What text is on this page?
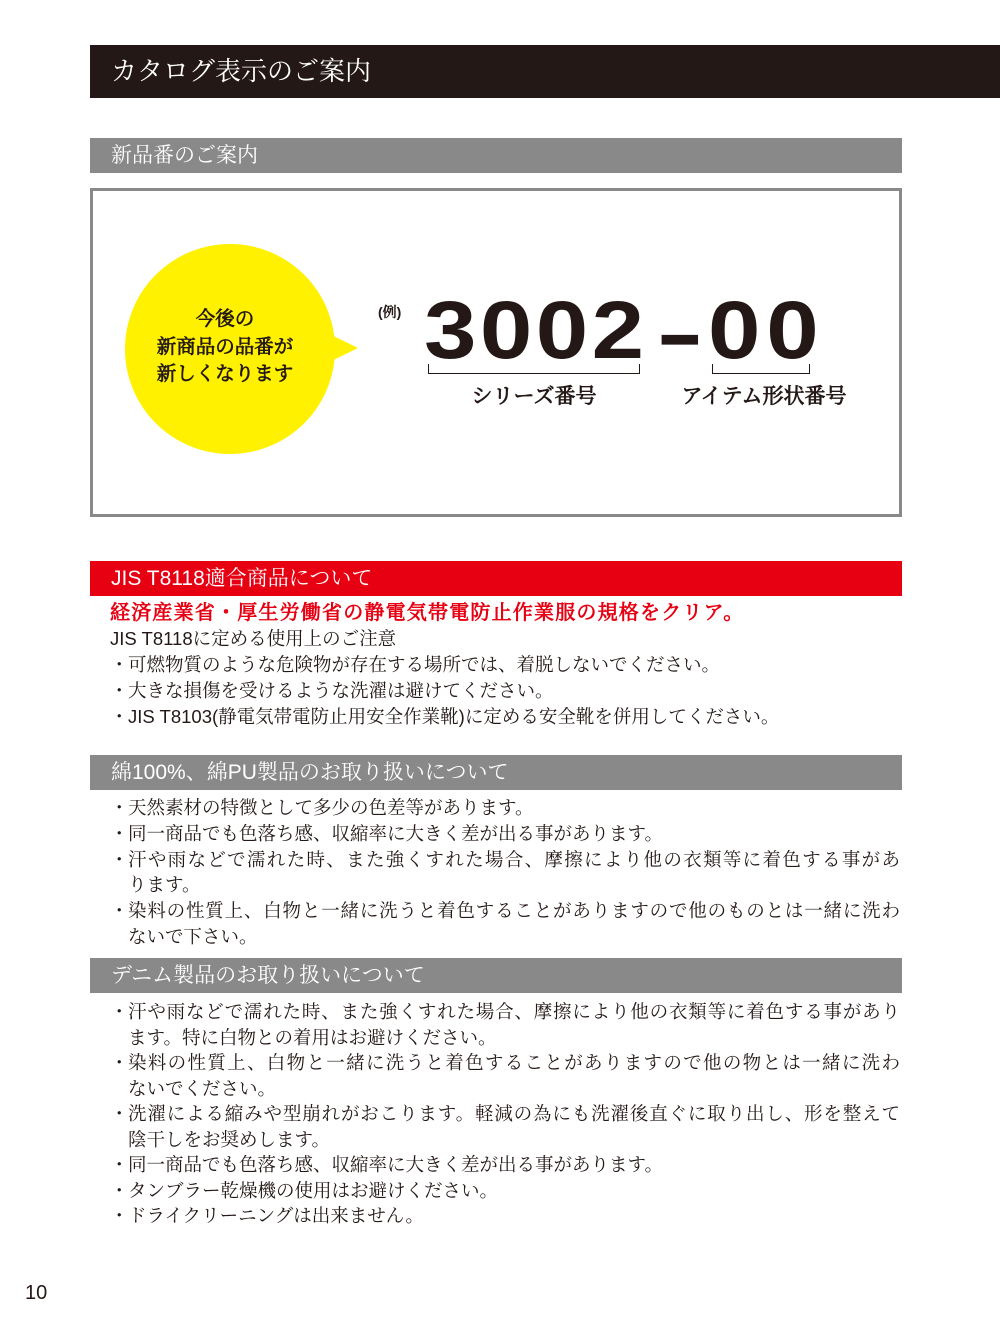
カタログ表示のご案内
新品番のご案内
今後の
新商品の品番が
新しくなります
(例) 3002 - 00
シリーズ番号	アイテム形状番号
JIS T8118適合商品について
経済産業省・厚生労働省の静電気帯電防止作業服の規格をクリア。
JIS T8118に定める使用上のご注意
・ 可燃物質のような危険物が存在する場所では、着脱しないでください。
・ 大きな損傷を受けるような洗濯は避けてください。
・ JIS T8103(静電気帯電防止用安全作業靴)に定める安全靴を併用してください。
綿100%、綿PU製品のお取り扱いについて
・ 天然素材の特徴として多少の色差等があります。
・ 同一商品でも色落ち感、収縮率に大きく差が出る事があります。
・ 汗や雨などで濡れた時、また強くすれた場合、摩擦により他の衣類等に着色する事があ
ります。
・ 染料の性質上、白物と一緒に洗うと着色することがありますので他のものとは一緒に洗わ
ないで下さい。
デニム製品のお取り扱いについて
・ 汗や雨などで濡れた時、また強くすれた場合、摩擦により他の衣類等に着色する事があり
ます。特に白物との着用はお避けください。
・ 染料の性質上、白物と一緒に洗うと着色することがありますので他の物とは一緒に洗わ
ないでください。
・ 洗濯による縮みや型崩れがおこります。軽減の為にも洗濯後直ぐに取り出し、形を整えて
陰干しをお奨めします。
・ 同一商品でも色落ち感、収縮率に大きく差が出る事があります。
・ タンブラー乾燥機の使用はお避けください。
・ ドライクリーニングは出来ません。
10
